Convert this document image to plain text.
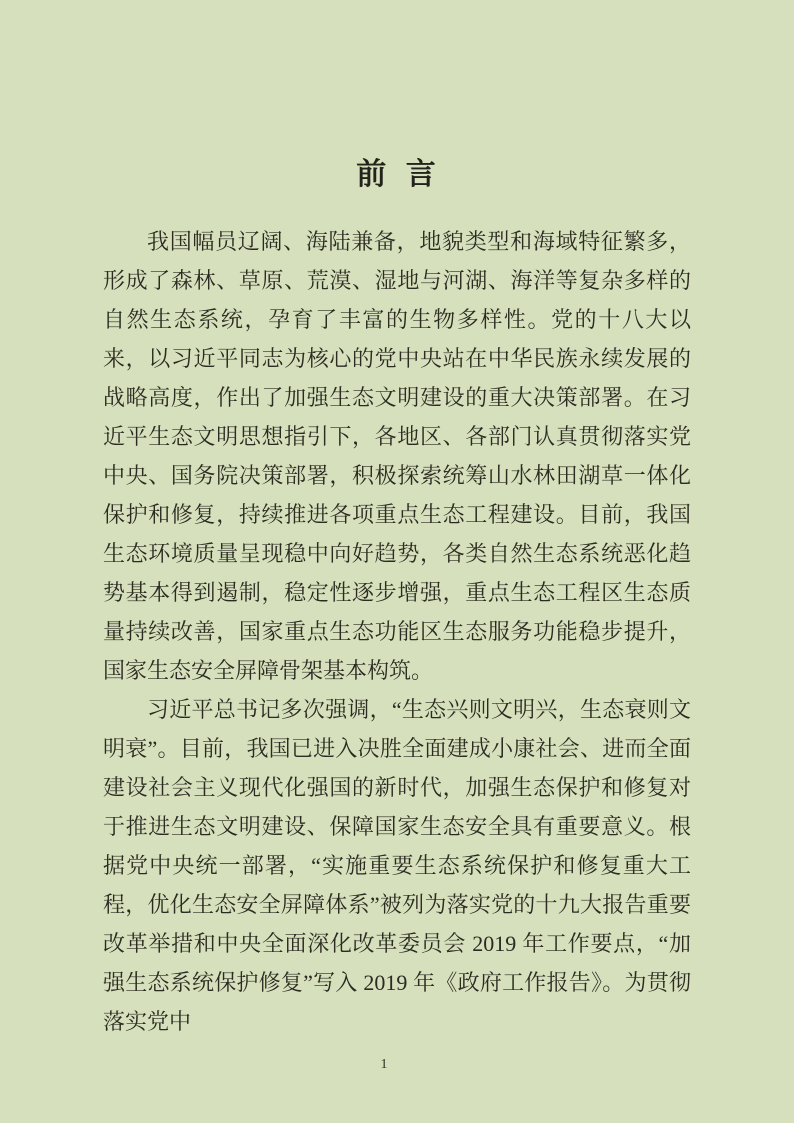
前 言

我国幅员辽阔、海陆兼备，地貌类型和海域特征繁多，形成了森林、草原、荒漠、湿地与河湖、海洋等复杂多样的自然生态系统，孕育了丰富的生物多样性。党的十八大以来，以习近平同志为核心的党中央站在中华民族永续发展的战略高度，作出了加强生态文明建设的重大决策部署。在习近平生态文明思想指引下，各地区、各部门认真贯彻落实党中央、国务院决策部署，积极探索统筹山水林田湖草一体化保护和修复，持续推进各项重点生态工程建设。目前，我国生态环境质量呈现稳中向好趋势，各类自然生态系统恶化趋势基本得到遏制，稳定性逐步增强，重点生态工程区生态质量持续改善，国家重点生态功能区生态服务功能稳步提升，国家生态安全屏障骨架基本构筑。

习近平总书记多次强调，“生态兴则文明兴，生态衰则文明衰”。目前，我国已进入决胜全面建成小康社会、进而全面建设社会主义现代化强国的新时代，加强生态保护和修复对于推进生态文明建设、保障国家生态安全具有重要意义。根据党中央统一部署，“实施重要生态系统保护和修复重大工程，优化生态安全屏障体系”被列为落实党的十九大报告重要改革举措和中央全面深化改革委员会 2019 年工作要点，“加强生态系统保护修复”写入 2019 年《政府工作报告》。为贯彻落实党中

1
